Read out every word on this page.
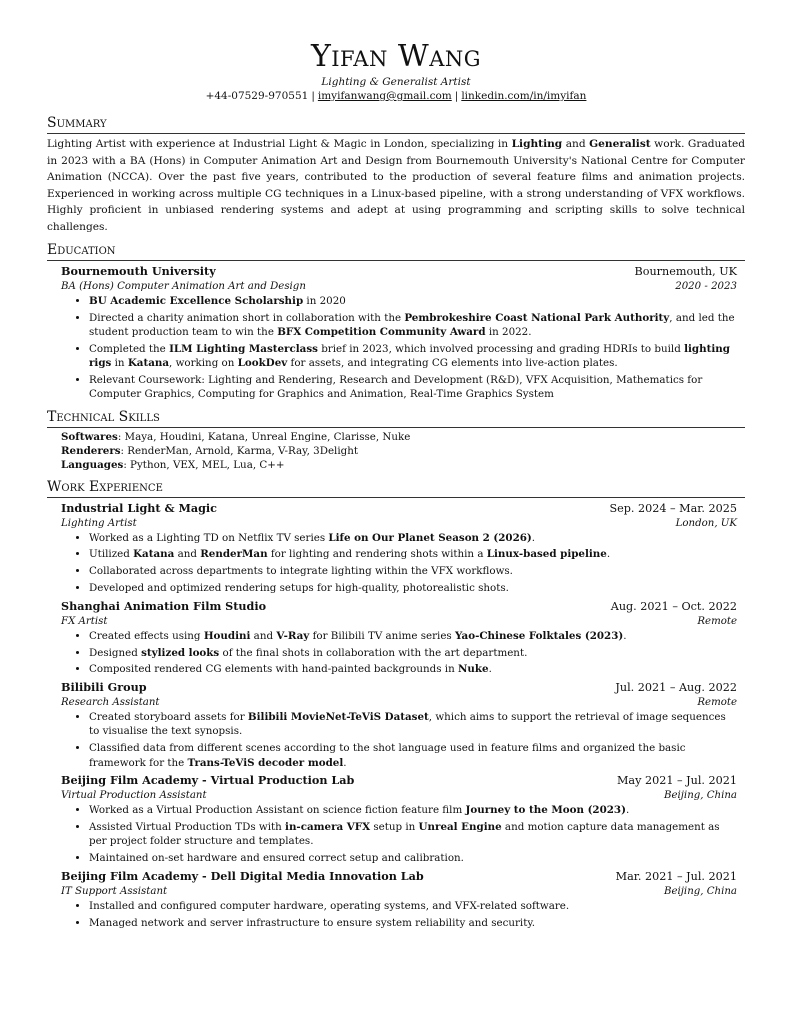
Yifan Wang
Lighting & Generalist Artist
+44-07529-970551 | imyifanwang@gmail.com | linkedin.com/in/imyifan
Summary
Lighting Artist with experience at Industrial Light & Magic in London, specializing in Lighting and Generalist work. Graduated in 2023 with a BA (Hons) in Computer Animation Art and Design from Bournemouth University's National Centre for Computer Animation (NCCA). Over the past five years, contributed to the production of several feature films and animation projects. Experienced in working across multiple CG techniques in a Linux-based pipeline, with a strong understanding of VFX workflows. Highly proficient in unbiased rendering systems and adept at using programming and scripting skills to solve technical challenges.
Education
Bournemouth University	Bournemouth, UK
BA (Hons) Computer Animation Art and Design	2020 - 2023
• BU Academic Excellence Scholarship in 2020
• Directed a charity animation short in collaboration with the Pembrokeshire Coast National Park Authority, and led the student production team to win the BFX Competition Community Award in 2022.
• Completed the ILM Lighting Masterclass brief in 2023, which involved processing and grading HDRIs to build lighting rigs in Katana, working on LookDev for assets, and integrating CG elements into live-action plates.
• Relevant Coursework: Lighting and Rendering, Research and Development (R&D), VFX Acquisition, Mathematics for Computer Graphics, Computing for Graphics and Animation, Real-Time Graphics System
Technical Skills
Softwares: Maya, Houdini, Katana, Unreal Engine, Clarisse, Nuke
Renderers: RenderMan, Arnold, Karma, V-Ray, 3Delight
Languages: Python, VEX, MEL, Lua, C++
Work Experience
Industrial Light & Magic	Sep. 2024 – Mar. 2025
Lighting Artist	London, UK
• Worked as a Lighting TD on Netflix TV series Life on Our Planet Season 2 (2026).
• Utilized Katana and RenderMan for lighting and rendering shots within a Linux-based pipeline.
• Collaborated across departments to integrate lighting within the VFX workflows.
• Developed and optimized rendering setups for high-quality, photorealistic shots.
Shanghai Animation Film Studio	Aug. 2021 – Oct. 2022
FX Artist	Remote
• Created effects using Houdini and V-Ray for Bilibili TV anime series Yao-Chinese Folktales (2023).
• Designed stylized looks of the final shots in collaboration with the art department.
• Composited rendered CG elements with hand-painted backgrounds in Nuke.
Bilibili Group	Jul. 2021 – Aug. 2022
Research Assistant	Remote
• Created storyboard assets for Bilibili MovieNet-TeViS Dataset, which aims to support the retrieval of image sequences to visualise the text synopsis.
• Classified data from different scenes according to the shot language used in feature films and organized the basic framework for the Trans-TeViS decoder model.
Beijing Film Academy - Virtual Production Lab	May 2021 – Jul. 2021
Virtual Production Assistant	Beijing, China
• Worked as a Virtual Production Assistant on science fiction feature film Journey to the Moon (2023).
• Assisted Virtual Production TDs with in-camera VFX setup in Unreal Engine and motion capture data management as per project folder structure and templates.
• Maintained on-set hardware and ensured correct setup and calibration.
Beijing Film Academy - Dell Digital Media Innovation Lab	Mar. 2021 – Jul. 2021
IT Support Assistant	Beijing, China
• Installed and configured computer hardware, operating systems, and VFX-related software.
• Managed network and server infrastructure to ensure system reliability and security.
